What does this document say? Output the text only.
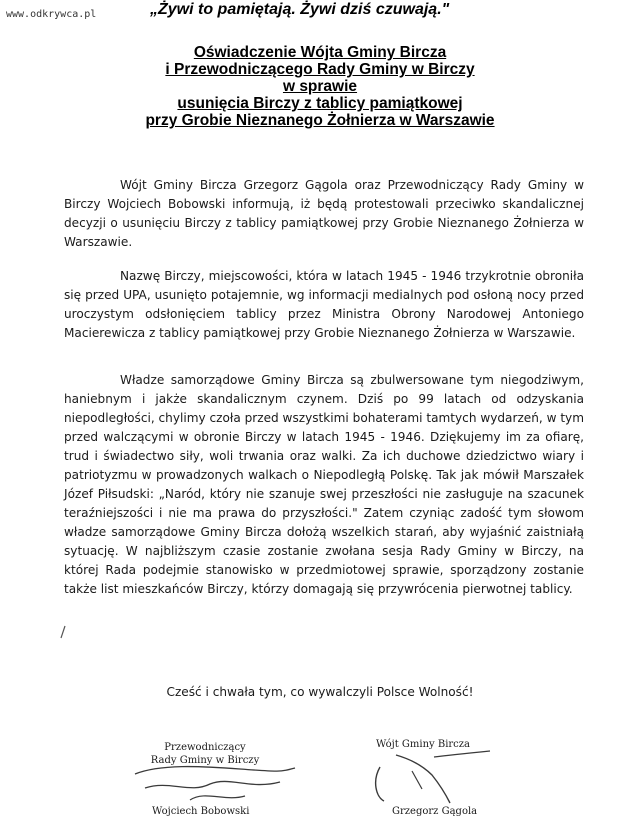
www.odkrywca.pl	„Żywi to pamiętają. Żywi dziś czuwają."
Oświadczenie Wójta Gminy Bircza
i Przewodniczącego Rady Gminy w Birczy
w sprawie
usunięcia Birczy z tablicy pamiątkowej
przy Grobie Nieznanego Żołnierza w Warszawie

Wójt Gminy Bircza Grzegorz Gągola oraz Przewodniczący Rady Gminy w Birczy Wojciech Bobowski informują, iż będą protestowali przeciwko skandalicznej decyzji o usunięciu Birczy z tablicy pamiątkowej przy Grobie Nieznanego Żołnierza w Warszawie.

Nazwę Birczy, miejscowości, która w latach 1945 - 1946 trzykrotnie obroniła się przed UPA, usunięto potajemnie, wg informacji medialnych pod osłoną nocy przed uroczystym odsłonięciem tablicy przez Ministra Obrony Narodowej Antoniego Macierewicza z tablicy pamiątkowej przy Grobie Nieznanego Żołnierza w Warszawie.

Władze samorządowe Gminy Bircza są zbulwersowane tym niegodziwym, haniebnym i jakże skandalicznym czynem. Dziś po 99 latach od odzyskania niepodległości, chylimy czoła przed wszystkimi bohaterami tamtych wydarzeń, w tym przed walczącymi w obronie Birczy w latach 1945 - 1946. Dziękujemy im za ofiarę, trud i świadectwo siły, woli trwania oraz walki. Za ich duchowe dziedzictwo wiary i patriotyzmu w prowadzonych walkach o Niepodległą Polskę. Tak jak mówił Marszałek Józef Piłsudski: „Naród, który nie szanuje swej przeszłości nie zasługuje na szacunek teraźniejszości i nie ma prawa do przyszłości." Zatem czyniąc zadość tym słowom władze samorządowe Gminy Bircza dołożą wszelkich starań, aby wyjaśnić zaistniałą sytuację. W najbliższym czasie zostanie zwołana sesja Rady Gminy w Birczy, na której Rada podejmie stanowisko w przedmiotowej sprawie, sporządzony zostanie także list mieszkańców Birczy, którzy domagają się przywrócenia pierwotnej tablicy.

Cześć i chwała tym, co wywalczyli Polsce Wolność!
Przewodniczący
Rady Gminy w Birczy
Wójt Gminy Bircza
Wojciech Bobowski	Grzegorz Gągola
